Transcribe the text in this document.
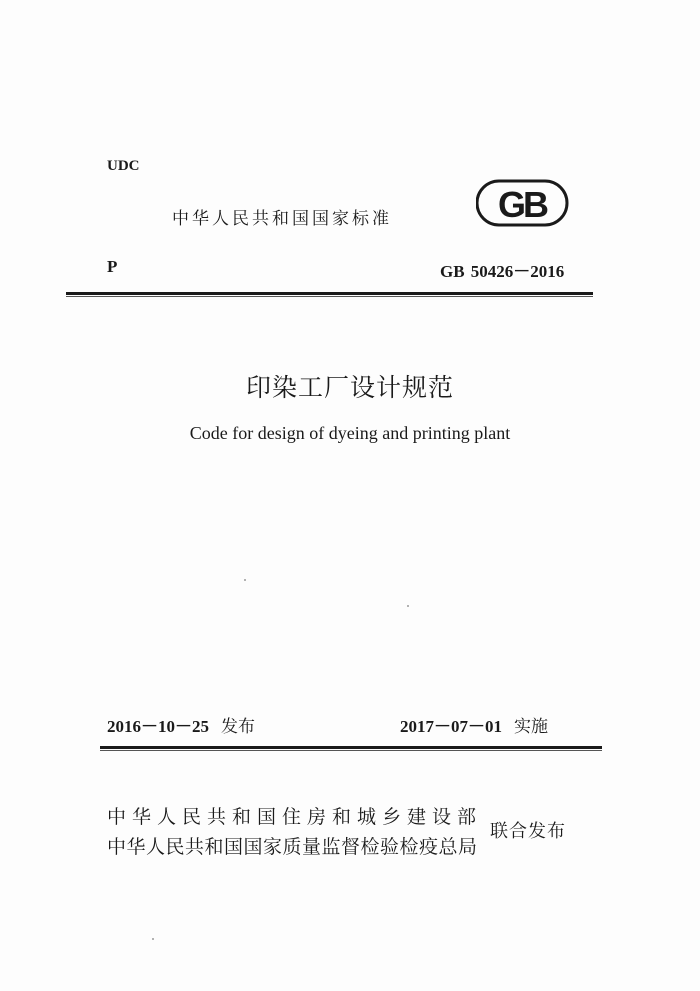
UDC
中华人民共和国国家标准	GB
P	GB 50426－2016
印染工厂设计规范
Code for design of dyeing and printing plant
2016－10－25 发布	2017－07－01 实施
中华人民共和国住房和城乡建设部
中华人民共和国国家质量监督检验检疫总局
联合发布
